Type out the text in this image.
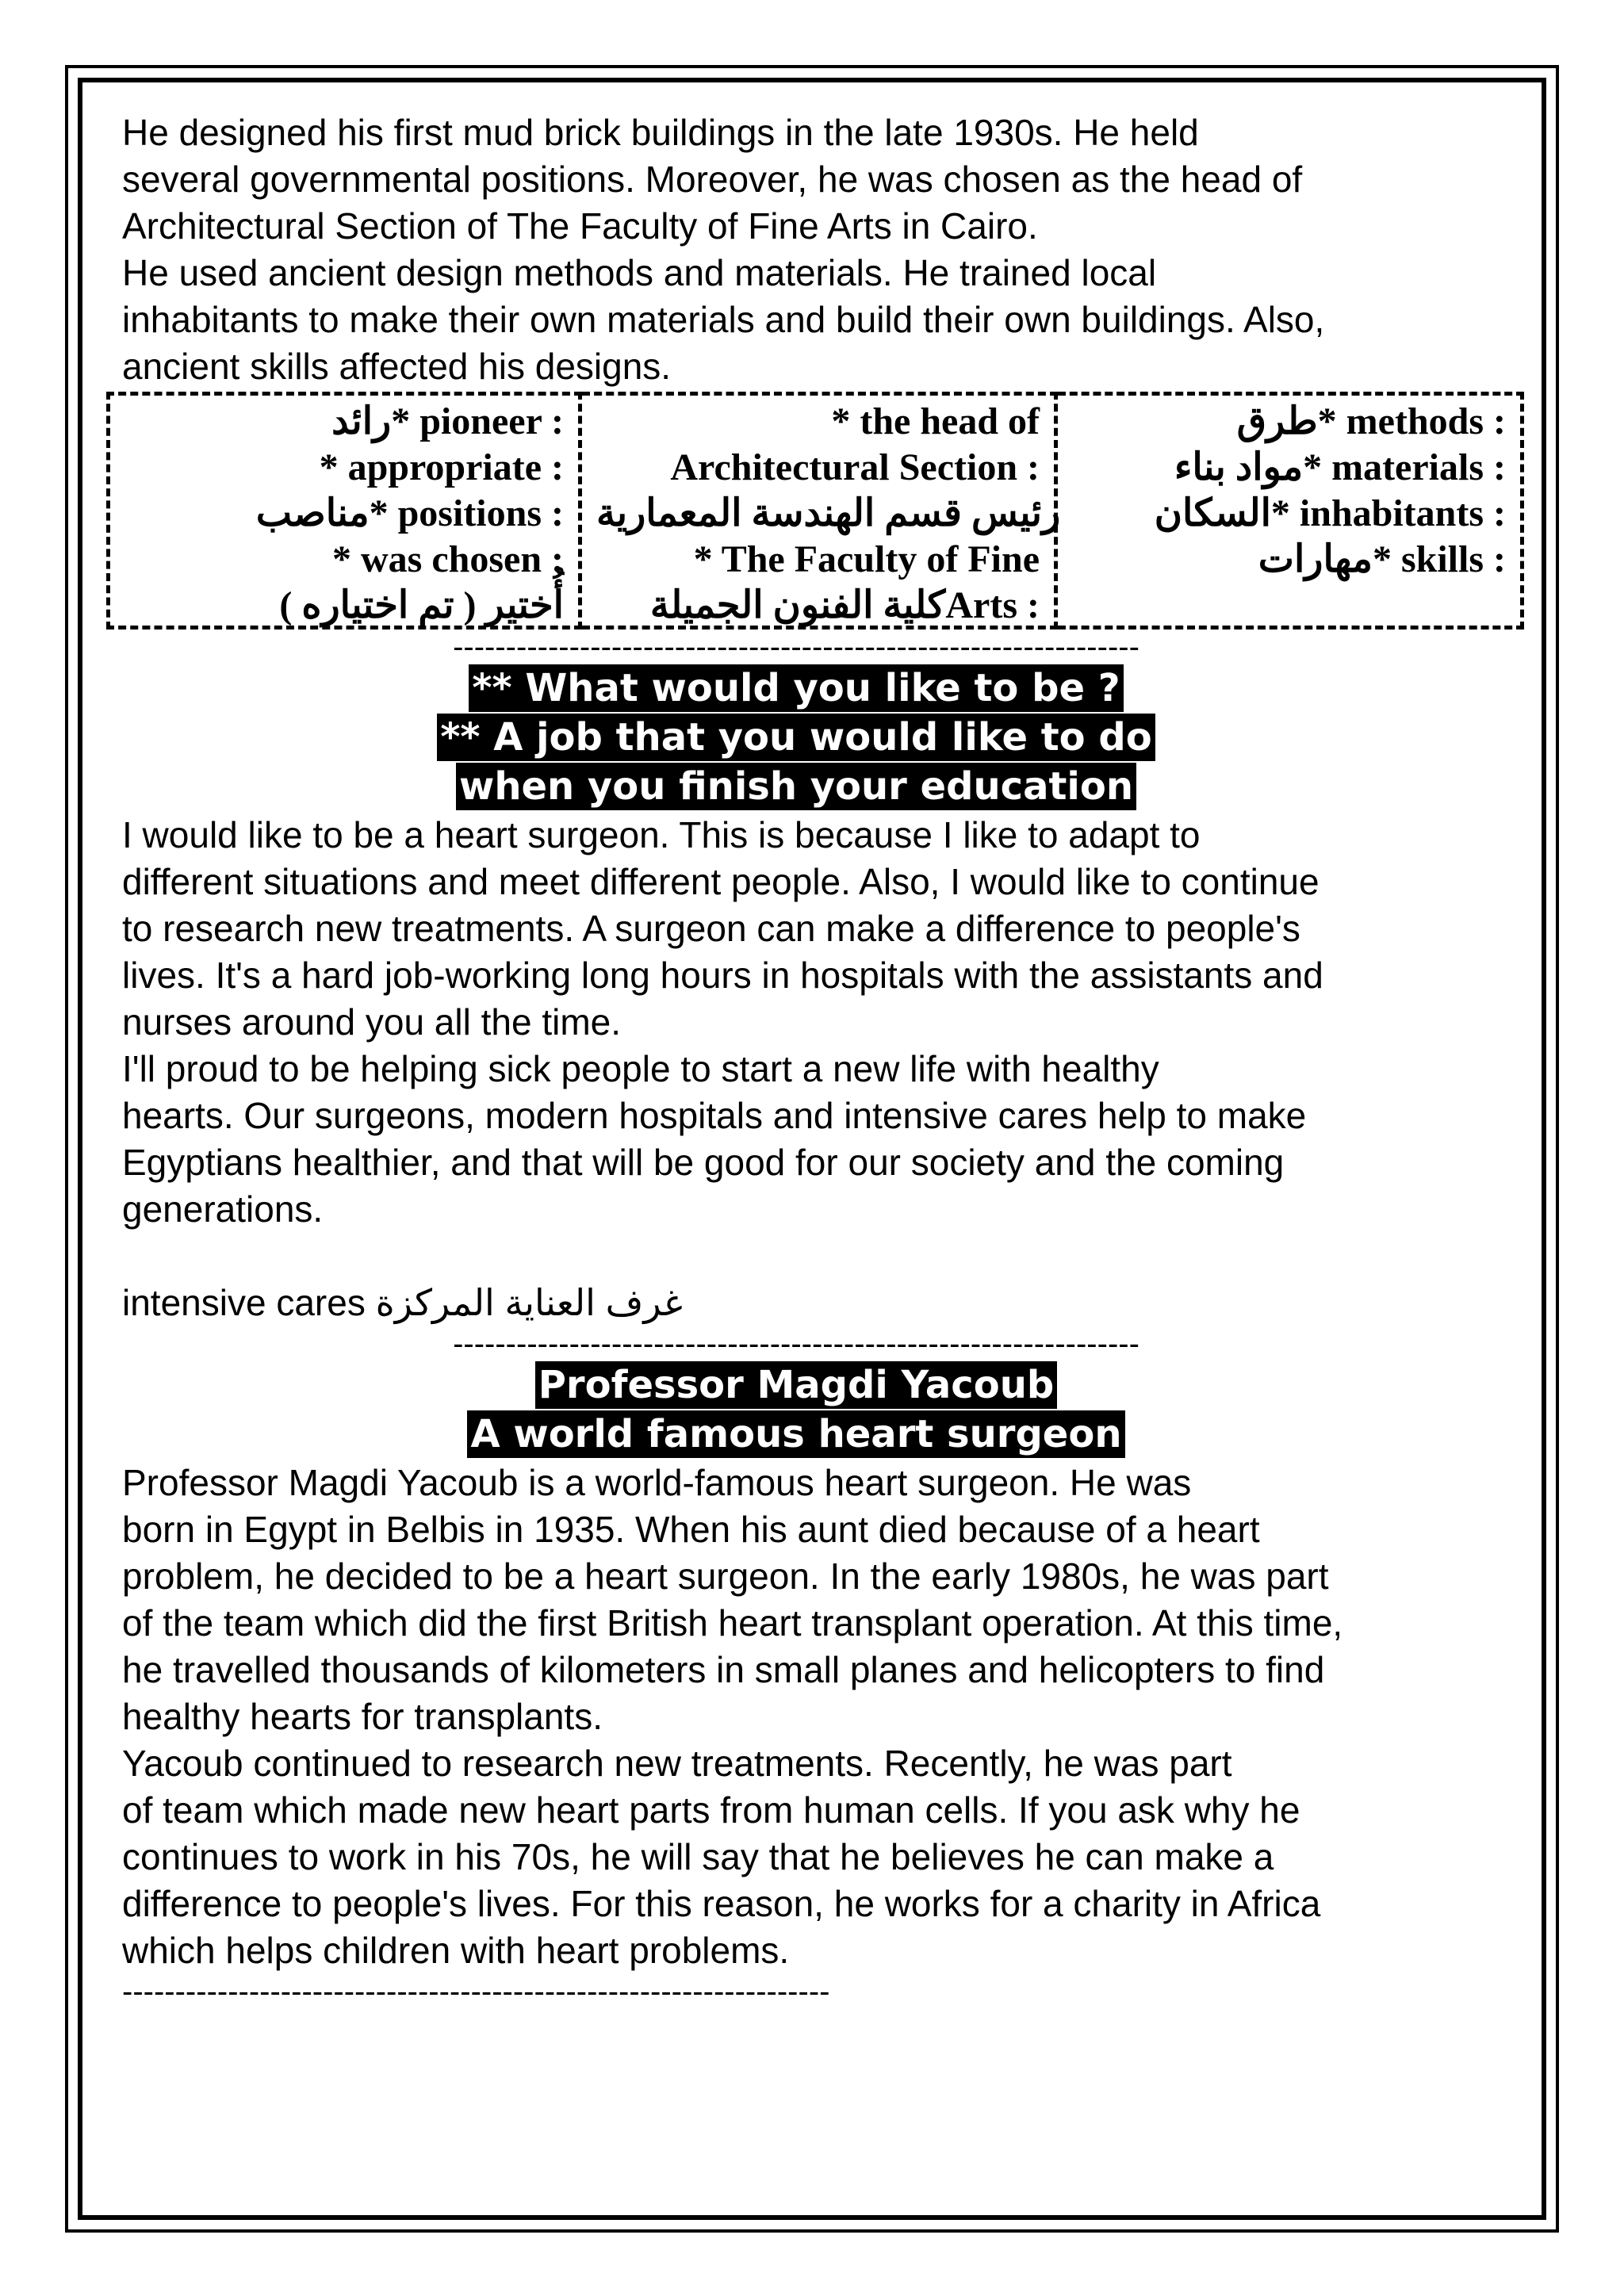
He designed his first mud brick buildings in the late 1930s. He held
several governmental positions. Moreover, he was chosen as the head of
Architectural Section of The Faculty of Fine Arts in Cairo.
He used ancient design methods and materials. He trained local
inhabitants to make their own materials and build their own buildings. Also,
ancient skills affected his designs.
رائد* pioneer :
* appropriate :
مناصب* positions :
* was chosen :
أُختير ( تم اختياره )
* the head of
Architectural Section :
رئيس قسم الهندسة المعمارية
* The Faculty of Fine
كلية الفنون الجميلةArts :
طرق* methods :
مواد بناء* materials :
السكان* inhabitants :
مهارات* skills :
-----------------------------------------------------------------
** What would you like to be ?
** A job that you would like to do
when you finish your education
I would like to be a heart surgeon. This is because I like to adapt to
different situations and meet different people. Also, I would like to continue
to research new treatments. A surgeon can make a difference to people's
lives. It's a hard job-working long hours in hospitals with the assistants and
nurses around you all the time.
I'll proud to be helping sick people to start a new life with healthy
hearts. Our surgeons, modern hospitals and intensive cares help to make
Egyptians healthier, and that will be good for our society and the coming
generations.
intensive cares غرف العناية المركزة
-----------------------------------------------------------------
Professor Magdi Yacoub
A world famous heart surgeon
Professor Magdi Yacoub is a world-famous heart surgeon. He was
born in Egypt in Belbis in 1935. When his aunt died because of a heart
problem, he decided to be a heart surgeon. In the early 1980s, he was part
of the team which did the first British heart transplant operation. At this time,
he travelled thousands of kilometers in small planes and helicopters to find
healthy hearts for transplants.
Yacoub continued to research new treatments. Recently, he was part
of team which made new heart parts from human cells. If you ask why he
continues to work in his 70s, he will say that he believes he can make a
difference to people's lives. For this reason, he works for a charity in Africa
which helps children with heart problems.
-------------------------------------------------------------------
